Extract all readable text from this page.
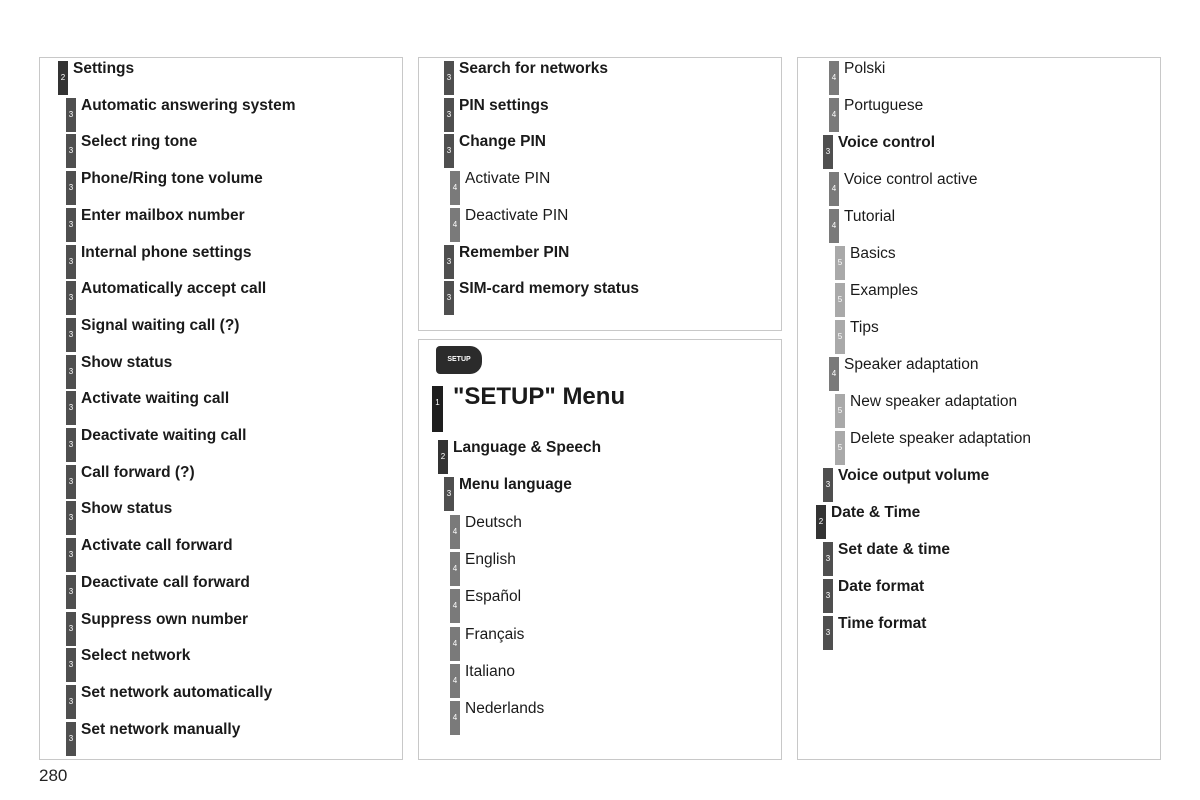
2
Settings
3
Automatic answering system
3
Select ring tone
3
Phone/Ring tone volume
3
Enter mailbox number
3
Internal phone settings
3
Automatically accept call
3
Signal waiting call (?)
3
Show status
3
Activate waiting call
3
Deactivate waiting call
3
Call forward (?)
3
Show status
3
Activate call forward
3
Deactivate call forward
3
Suppress own number
3
Select network
3
Set network automatically
3
Set network manually
3
Search for networks
3
PIN settings
3
Change PIN
4
Activate PIN
4
Deactivate PIN
3
Remember PIN
3
SIM-card memory status
1 "SETUP" Menu
2
Language & Speech
3
Menu language
4
Deutsch
4
English
4
Español
4
Français
4
Italiano
4
Nederlands
4
Polski
4
Portuguese
3
Voice control
4
Voice control active
4
Tutorial
5
Basics
5
Examples
5
Tips
4
Speaker adaptation
5
New speaker adaptation
5
Delete speaker adaptation
3
Voice output volume
2
Date & Time
3
Set date & time
3
Date format
3
Time format
SETUP
280
